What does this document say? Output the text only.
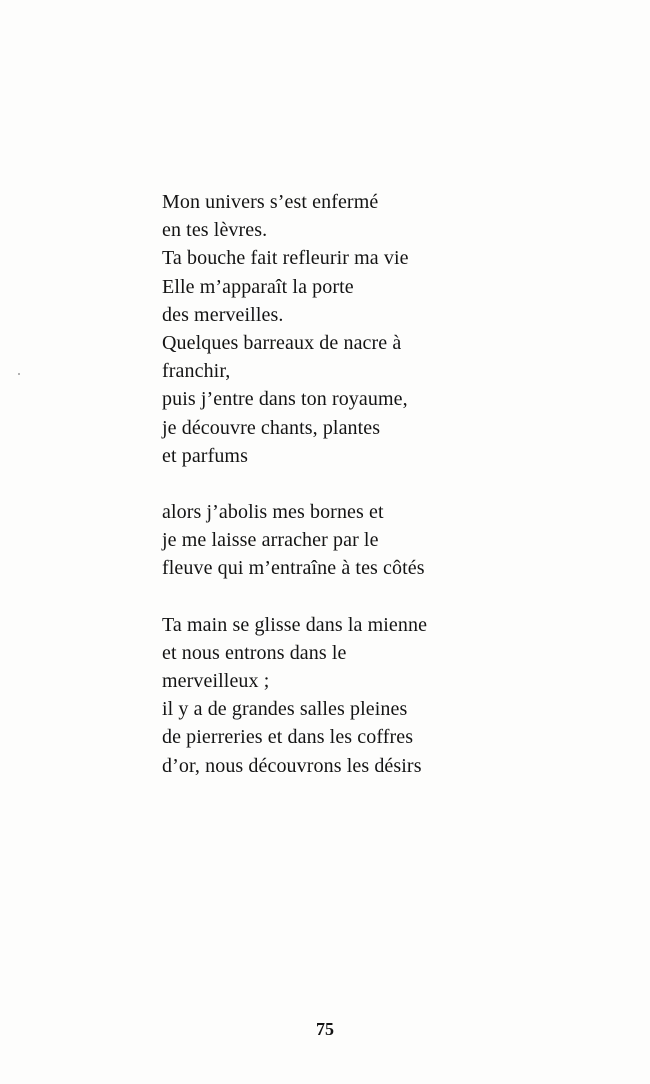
Mon univers s’est enfermé
en tes lèvres.
Ta bouche fait refleurir ma vie
Elle m’apparaît la porte
des merveilles.
Quelques barreaux de nacre à
franchir,
puis j’entre dans ton royaume,
je découvre chants, plantes
et parfums
alors j’abolis mes bornes et
je me laisse arracher par le
fleuve qui m’entraîne à tes côtés
Ta main se glisse dans la mienne
et nous entrons dans le
merveilleux ;
il y a de grandes salles pleines
de pierreries et dans les coffres
d’or, nous découvrons les désirs
75
